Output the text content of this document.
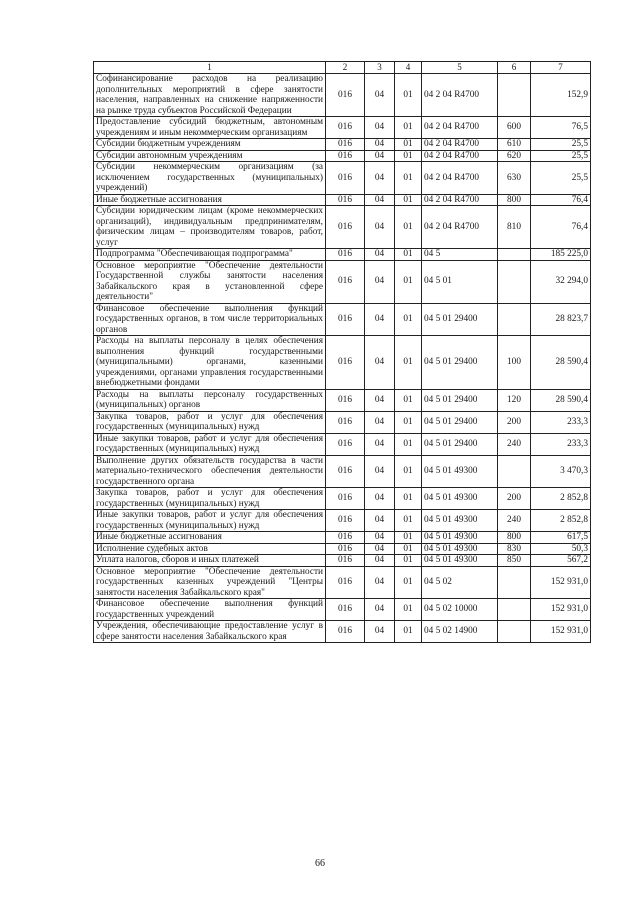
1	2	3	4	5	6	7
Софинансирование расходов на реализацию дополнительных мероприятий в сфере занятости населения, направленных на снижение напряженности на рынке труда субъектов Российской Федерации	016	04	01	04 2 04 R4700		152,9
Предоставление субсидий бюджетным, автономным учреждениям и иным некоммерческим организациям	016	04	01	04 2 04 R4700	600	76,5
Субсидии бюджетным учреждениям	016	04	01	04 2 04 R4700	610	25,5
Субсидии автономным учреждениям	016	04	01	04 2 04 R4700	620	25,5
Субсидии некоммерческим организациям (за исключением государственных (муниципальных) учреждений)	016	04	01	04 2 04 R4700	630	25,5
Иные бюджетные ассигнования	016	04	01	04 2 04 R4700	800	76,4
Субсидии юридическим лицам (кроме некоммерческих организаций), индивидуальным предпринимателям, физическим лицам – производителям товаров, работ, услуг	016	04	01	04 2 04 R4700	810	76,4
Подпрограмма "Обеспечивающая подпрограмма"	016	04	01	04 5		185 225,0
Основное мероприятие "Обеспечение деятельности Государственной службы занятости населения Забайкальского края в установленной сфере деятельности"	016	04	01	04 5 01		32 294,0
Финансовое обеспечение выполнения функций государственных органов, в том числе территориальных органов	016	04	01	04 5 01 29400		28 823,7
Расходы на выплаты персоналу в целях обеспечения выполнения функций государственными (муниципальными) органами, казенными учреждениями, органами управления государственными внебюджетными фондами	016	04	01	04 5 01 29400	100	28 590,4
Расходы на выплаты персоналу государственных (муниципальных) органов	016	04	01	04 5 01 29400	120	28 590,4
Закупка товаров, работ и услуг для обеспечения государственных (муниципальных) нужд	016	04	01	04 5 01 29400	200	233,3
Иные закупки товаров, работ и услуг для обеспечения государственных (муниципальных) нужд	016	04	01	04 5 01 29400	240	233,3
Выполнение других обязательств государства в части материально-технического обеспечения деятельности государственного органа	016	04	01	04 5 01 49300		3 470,3
Закупка товаров, работ и услуг для обеспечения государственных (муниципальных) нужд	016	04	01	04 5 01 49300	200	2 852,8
Иные закупки товаров, работ и услуг для обеспечения государственных (муниципальных) нужд	016	04	01	04 5 01 49300	240	2 852,8
Иные бюджетные ассигнования	016	04	01	04 5 01 49300	800	617,5
Исполнение судебных актов	016	04	01	04 5 01 49300	830	50,3
Уплата налогов, сборов и иных платежей	016	04	01	04 5 01 49300	850	567,2
Основное мероприятие "Обеспечение деятельности государственных казенных учреждений "Центры занятости населения Забайкальского края"	016	04	01	04 5 02		152 931,0
Финансовое обеспечение выполнения функций государственных учреждений	016	04	01	04 5 02 10000		152 931,0
Учреждения, обеспечивающие предоставление услуг в сфере занятости населения Забайкальского края	016	04	01	04 5 02 14900		152 931,0
66
